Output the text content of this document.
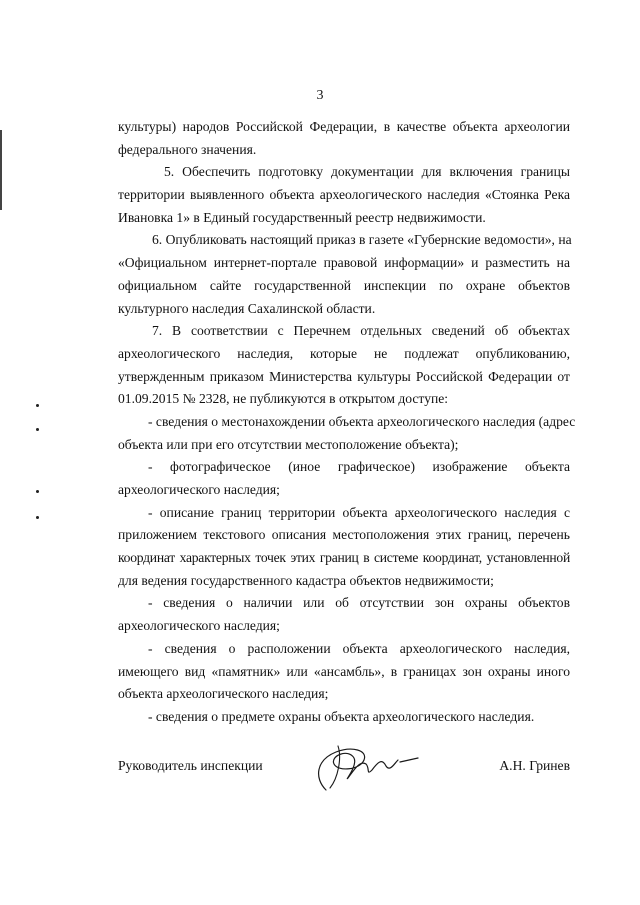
3
культуры) народов Российской Федерации, в качестве объекта археологии
федерального значения.
5. Обеспечить подготовку документации для включения границы
территории выявленного объекта археологического наследия «Стоянка Река
Ивановка 1» в Единый государственный реестр недвижимости.
6. Опубликовать настоящий приказ в газете «Губернские ведомости», на
«Официальном интернет-портале правовой информации» и разместить на
официальном сайте государственной инспекции по охране объектов
культурного наследия Сахалинской области.
7. В соответствии с Перечнем отдельных сведений об объектах
археологического наследия, которые не подлежат опубликованию,
утвержденным приказом Министерства культуры Российской Федерации от
01.09.2015 № 2328, не публикуются в открытом доступе:
- сведения о местонахождении объекта археологического наследия (адрес
объекта или при его отсутствии местоположение объекта);
- фотографическое (иное графическое) изображение объекта
археологического наследия;
- описание границ территории объекта археологического наследия с
приложением текстового описания местоположения этих границ, перечень
координат характерных точек этих границ в системе координат, установленной
для ведения государственного кадастра объектов недвижимости;
- сведения о наличии или об отсутствии зон охраны объектов
археологического наследия;
- сведения о расположении объекта археологического наследия,
имеющего вид «памятник» или «ансамбль», в границах зон охраны иного
объекта археологического наследия;
- сведения о предмете охраны объекта археологического наследия.
Руководитель инспекции	А.Н. Гринев
